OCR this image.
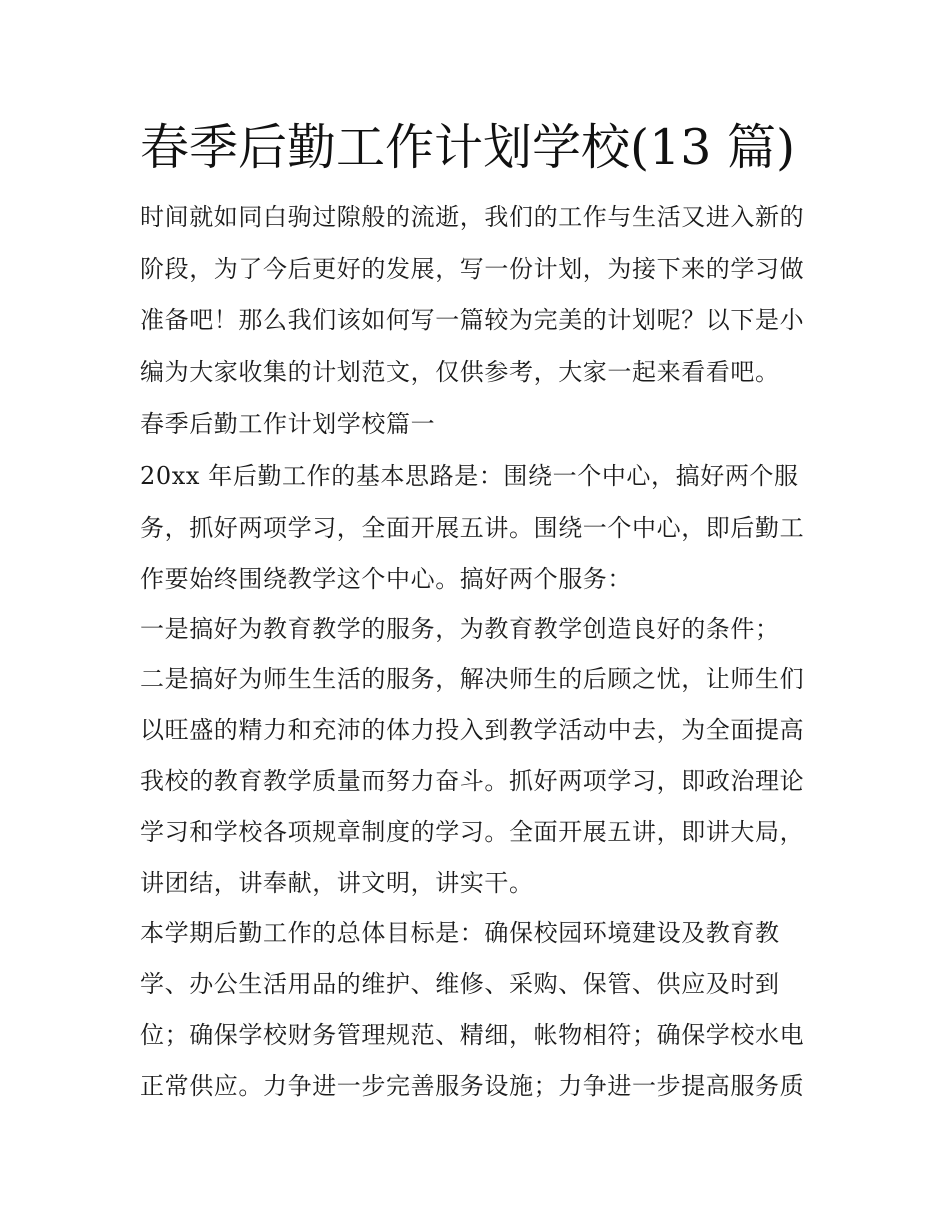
春季后勤工作计划学校(13 篇)

时间就如同白驹过隙般的流逝，我们的工作与生活又进入新的

阶段，为了今后更好的发展，写一份计划，为接下来的学习做

准备吧！那么我们该如何写一篇较为完美的计划呢？以下是小

编为大家收集的计划范文，仅供参考，大家一起来看看吧。

春季后勤工作计划学校篇一

20xx 年后勤工作的基本思路是：围绕一个中心，搞好两个服

务，抓好两项学习，全面开展五讲。围绕一个中心，即后勤工

作要始终围绕教学这个中心。搞好两个服务：

一是搞好为教育教学的服务，为教育教学创造良好的条件；

二是搞好为师生生活的服务，解决师生的后顾之忧，让师生们

以旺盛的精力和充沛的体力投入到教学活动中去，为全面提高

我校的教育教学质量而努力奋斗。抓好两项学习，即政治理论

学习和学校各项规章制度的学习。全面开展五讲，即讲大局，

讲团结，讲奉献，讲文明，讲实干。

本学期后勤工作的总体目标是：确保校园环境建设及教育教

学、办公生活用品的维护、维修、采购、保管、供应及时到

位；确保学校财务管理规范、精细，帐物相符；确保学校水电

正常供应。力争进一步完善服务设施；力争进一步提高服务质
